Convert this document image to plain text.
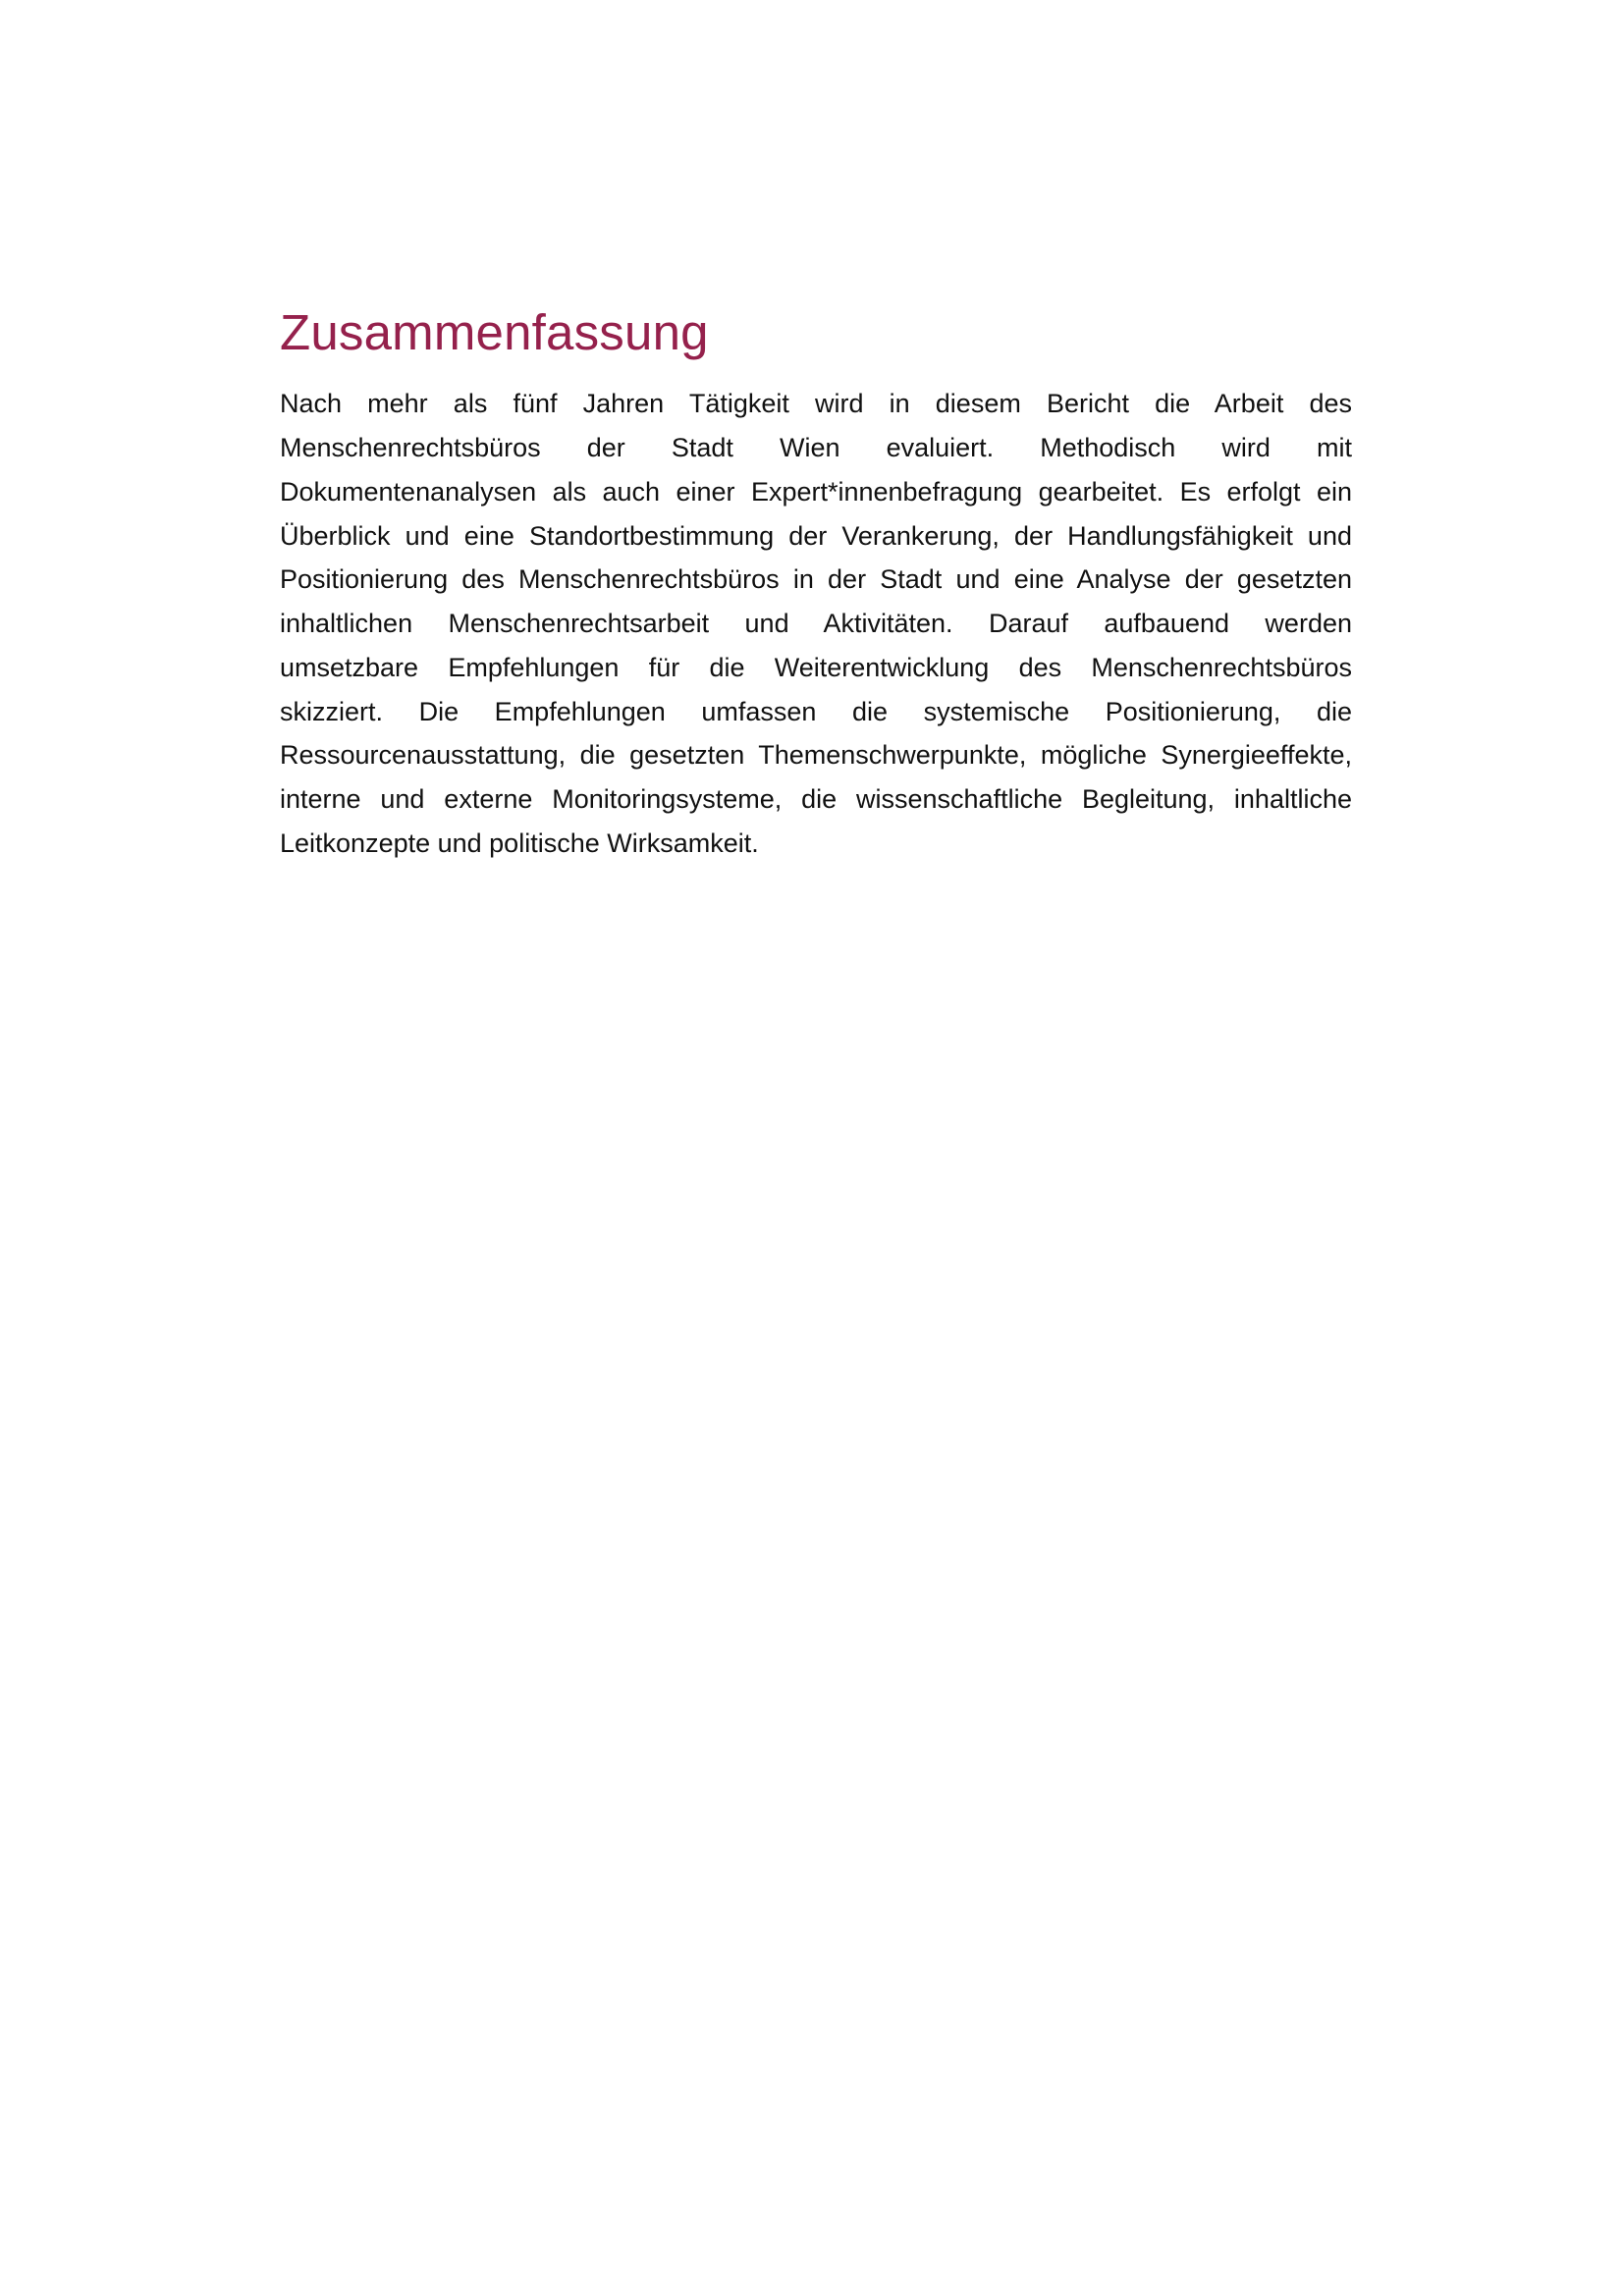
Zusammenfassung

Nach mehr als fünf Jahren Tätigkeit wird in diesem Bericht die Arbeit des
Menschenrechtsbüros der Stadt Wien evaluiert. Methodisch wird mit
Dokumentenanalysen als auch einer Expert*innenbefragung gearbeitet. Es erfolgt ein
Überblick und eine Standortbestimmung der Verankerung, der Handlungsfähigkeit und
Positionierung des Menschenrechtsbüros in der Stadt und eine Analyse der gesetzten
inhaltlichen Menschenrechtsarbeit und Aktivitäten. Darauf aufbauend werden
umsetzbare Empfehlungen für die Weiterentwicklung des Menschenrechtsbüros
skizziert. Die Empfehlungen umfassen die systemische Positionierung, die
Ressourcenausstattung, die gesetzten Themenschwerpunkte, mögliche Synergieeffekte,
interne und externe Monitoringsysteme, die wissenschaftliche Begleitung, inhaltliche
Leitkonzepte und politische Wirksamkeit.
